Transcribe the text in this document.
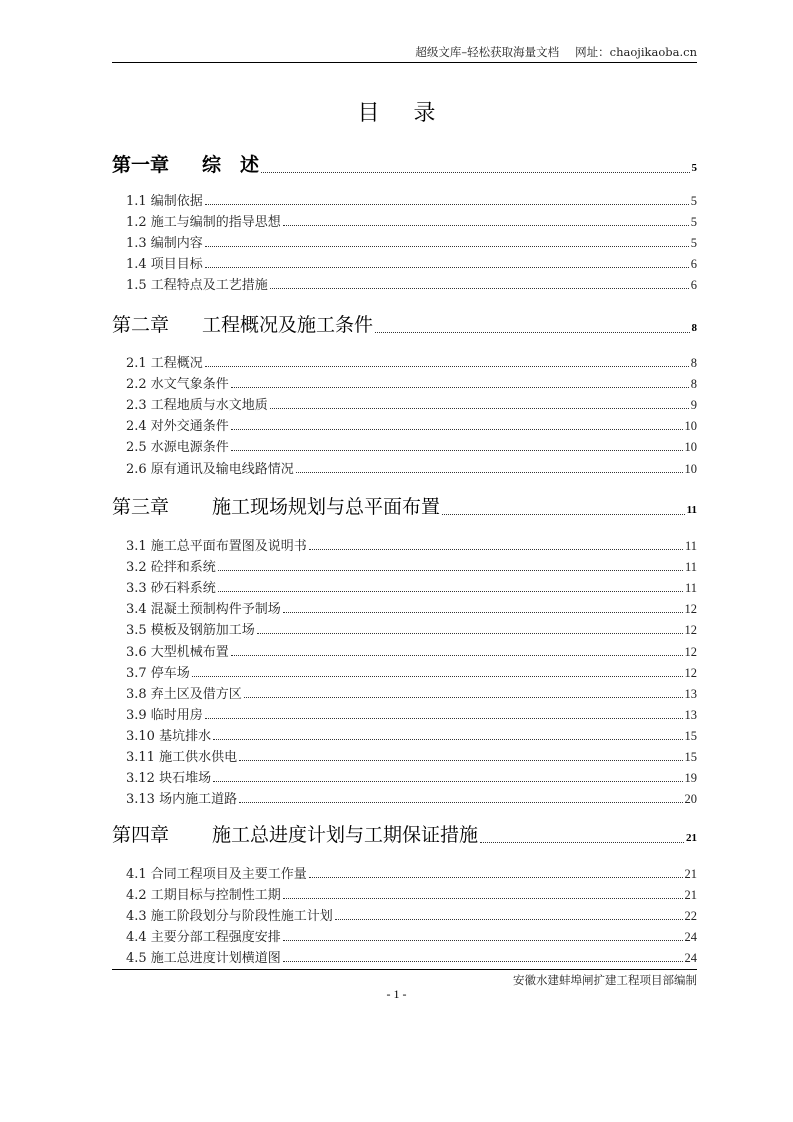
超级文库–轻松获取海量文档 网址：chaojikaoba.cn
目录
第一章 综　述	5
1.1 编制依据	5
1.2 施工与编制的指导思想	5
1.3 编制内容	5
1.4 项目目标	6
1.5 工程特点及工艺措施	6
第二章 工程概况及施工条件	8
2.1 工程概况	8
2.2 水文气象条件	8
2.3 工程地质与水文地质	9
2.4 对外交通条件	10
2.5 水源电源条件	10
2.6 原有通讯及输电线路情况	10
第三章 施工现场规划与总平面布置	11
3.1 施工总平面布置图及说明书	11
3.2 砼拌和系统	11
3.3 砂石料系统	11
3.4 混凝土预制构件予制场	12
3.5 模板及钢筋加工场	12
3.6 大型机械布置	12
3.7 停车场	12
3.8 弃土区及借方区	13
3.9 临时用房	13
3.10 基坑排水	15
3.11 施工供水供电	15
3.12 块石堆场	19
3.13 场内施工道路	20
第四章 施工总进度计划与工期保证措施	21
4.1 合同工程项目及主要工作量	21
4.2 工期目标与控制性工期	21
4.3 施工阶段划分与阶段性施工计划	22
4.4 主要分部工程强度安排	24
4.5 施工总进度计划横道图	24
安徽水建蚌埠闸扩建工程项目部编制
- 1 -
